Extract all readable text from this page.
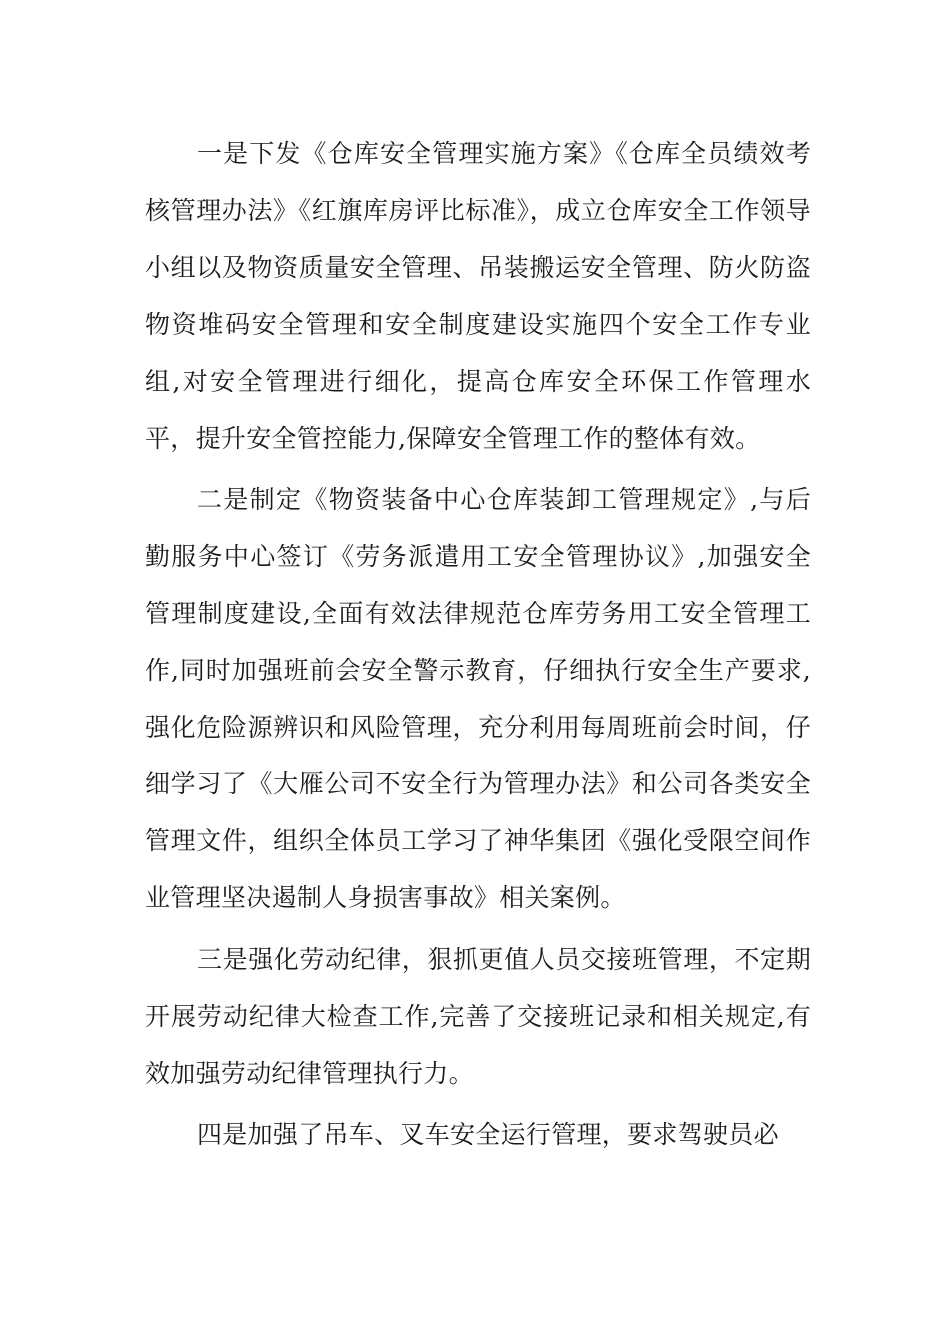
一是下发《仓库安全管理实施方案》《仓库全员绩效考核管理办法》《红旗库房评比标准》，成立仓库安全工作领导小组以及物资质量安全管理、吊装搬运安全管理、防火防盗物资堆码安全管理和安全制度建设实施四个安全工作专业组,对安全管理进行细化，提高仓库安全环保工作管理水平，提升安全管控能力,保障安全管理工作的整体有效。

二是制定《物资装备中心仓库装卸工管理规定》,与后勤服务中心签订《劳务派遣用工安全管理协议》,加强安全管理制度建设,全面有效法律规范仓库劳务用工安全管理工作,同时加强班前会安全警示教育，仔细执行安全生产要求,强化危险源辨识和风险管理，充分利用每周班前会时间，仔细学习了《大雁公司不安全行为管理办法》和公司各类安全管理文件，组织全体员工学习了神华集团《强化受限空间作业管理坚决遏制人身损害事故》相关案例。

三是强化劳动纪律，狠抓更值人员交接班管理，不定期开展劳动纪律大检查工作,完善了交接班记录和相关规定,有效加强劳动纪律管理执行力。

四是加强了吊车、叉车安全运行管理，要求驾驶员必
